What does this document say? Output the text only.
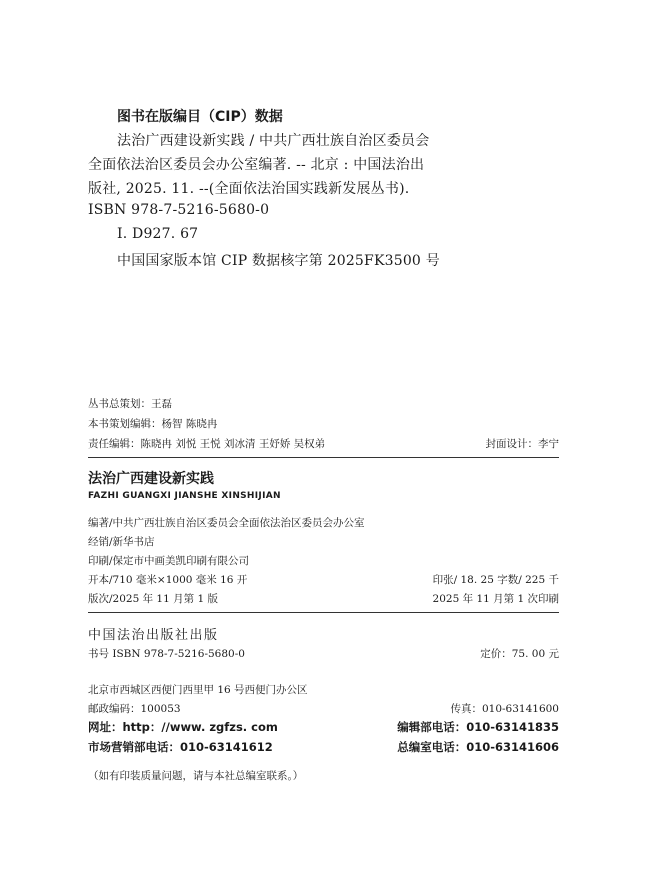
图书在版编目（CIP）数据
法治广西建设新实践 / 中共广西壮族自治区委员会
全面依法治区委员会办公室编著. -- 北京 : 中国法治出
版社, 2025. 11. --(全面依法治国实践新发展丛书).
ISBN 978-7-5216-5680-0
Ⅰ. D927. 67
中国国家版本馆 CIP 数据核字第 2025FK3500 号
丛书总策划：王磊
本书策划编辑：杨智 陈晓冉
责任编辑：陈晓冉 刘悦 王悦 刘冰清 王妤娇 吴权弟	封面设计：李宁
法治广西建设新实践
FAZHI GUANGXI JIANSHE XINSHIJIAN
编著/中共广西壮族自治区委员会全面依法治区委员会办公室
经销/新华书店
印刷/保定市中画美凯印刷有限公司
开本/710 毫米×1000 毫米 16 开	印张/ 18. 25 字数/ 225 千
版次/2025 年 11 月第 1 版	2025 年 11 月第 1 次印刷
中国法治出版社出版
书号 ISBN 978-7-5216-5680-0	定价：75. 00 元
北京市西城区西便门西里甲 16 号西便门办公区
邮政编码：100053	传真：010-63141600
网址：http：//www. zgfzs. com	编辑部电话：010-63141835
市场营销部电话：010-63141612	总编室电话：010-63141606
（如有印装质量问题，请与本社总编室联系。）
